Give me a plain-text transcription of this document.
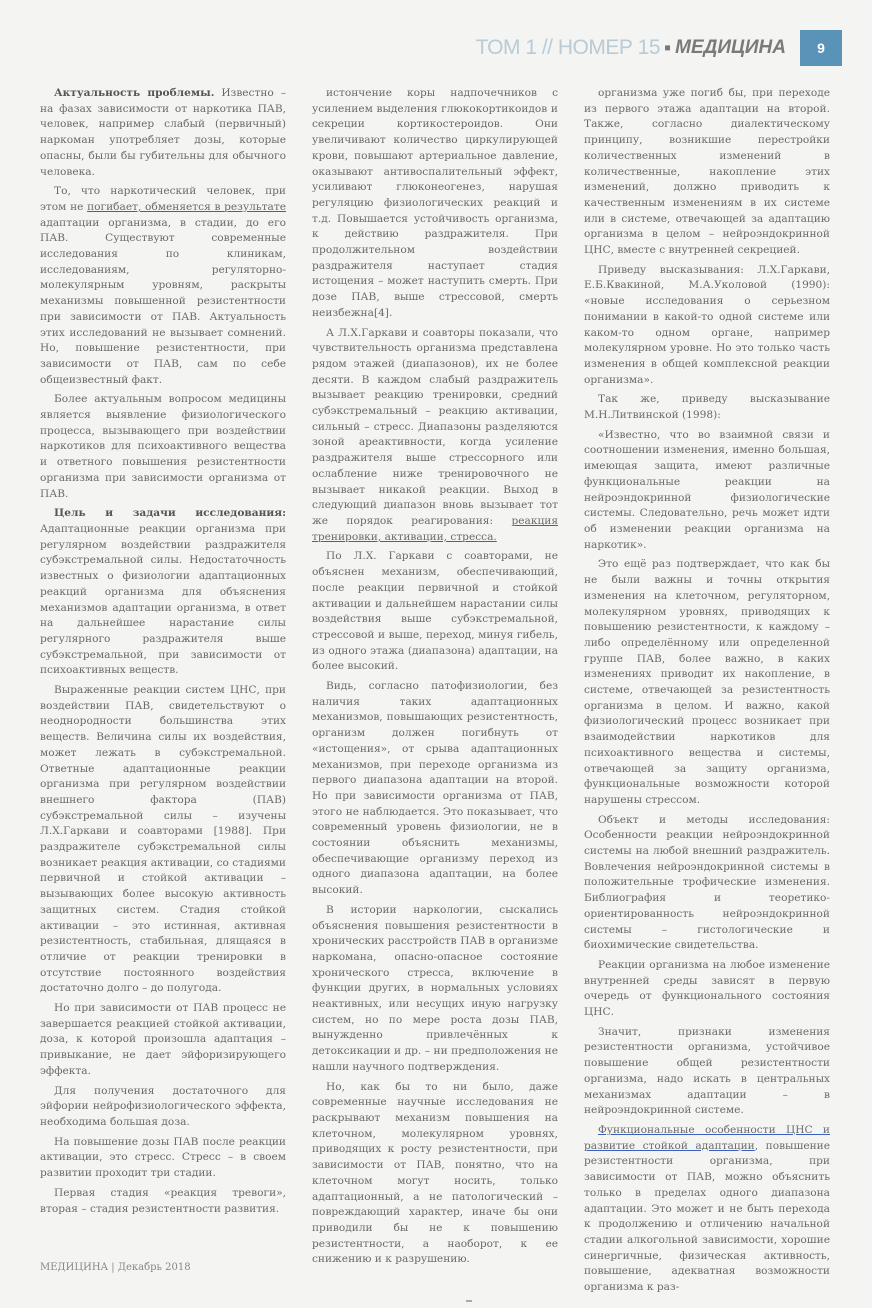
ТОМ 1 // НОМЕР 15 ▪ МЕДИЦИНА	9

Актуальность проблемы. Известно – на фазах зависимости от наркотика ПАВ, человек, например слабый (первичный) наркоман употребляет дозы, которые опасны, были бы губительны для обычного человека.

То, что наркотический человек, при этом не погибает, обменяется в результате адаптации организма, в стадии, до его ПАВ. Существуют современные исследования по клиникам, исследованиям, регуляторно-молекулярным уровням, раскрыты механизмы повышенной резистентности при зависимости от ПАВ. Актуальность этих исследований не вызывает сомнений. Но, повышение резистентности, при зависимости от ПАВ, сам по себе общеизвестный факт.

Более актуальным вопросом медицины является выявление физиологического процесса, вызывающего при воздействии наркотиков для психоактивного вещества и ответного повышения резистентности организма при зависимости организма от ПАВ.

Цель и задачи исследования: Адаптационные реакции организма при регулярном воздействии раздражителя субэкстремальной силы. Недостаточность известных о физиологии адаптационных реакций организма для объяснения механизмов адаптации организма, в ответ на дальнейшее нарастание силы регулярного раздражителя выше субэкстремальной, при зависимости от психоактивных веществ.

Выраженные реакции систем ЦНС, при воздействии ПАВ, свидетельствуют о неоднородности большинства этих веществ. Величина силы их воздействия, может лежать в субэкстремальной. Ответные адаптационные реакции организма при регулярном воздействии внешнего фактора (ПАВ) субэкстремальной силы – изучены Л.Х.Гаркави и соавторами [1988]. При раздражителе субэкстремальной силы возникает реакция активации, со стадиями первичной и стойкой активации – вызывающих более высокую активность защитных систем. Стадия стойкой активации – это истинная, активная резистентность, стабильная, длящаяся в отличие от реакции тренировки в отсутствие постоянного воздействия достаточно долго – до полугода.

Но при зависимости от ПАВ процесс не завершается реакцией стойкой активации, доза, к которой произошла адаптация – привыкание, не дает эйфоризирующего эффекта.

Для получения достаточного для эйфории нейрофизиологического эффекта, необходима большая доза.

На повышение дозы ПАВ после реакции активации, это стресс. Стресс – в своем развитии проходит три стадии.

Первая стадия «реакция тревоги», вторая – стадия резистентности развития.

истончение коры надпочечников с усилением выделения глюкокортикоидов и секреции кортикостероидов. Они увеличивают количество циркулирующей крови, повышают артериальное давление, оказывают антивоспалительный эффект, усиливают глюконеогенез, нарушая регуляцию физиологических реакций и т.д. Повышается устойчивость организма, к действию раздражителя. При продолжительном воздействии раздражителя наступает стадия истощения – может наступить смерть. При дозе ПАВ, выше стрессовой, смерть неизбежна[4].

А Л.Х.Гаркави и соавторы показали, что чувствительность организма представлена рядом этажей (диапазонов), их не более десяти. В каждом слабый раздражитель вызывает реакцию тренировки, средний субэкстремальный – реакцию активации, сильный – стресс. Диапазоны разделяются зоной ареактивности, когда усиление раздражителя выше стрессорного или ослабление ниже тренировочного не вызывает никакой реакции. Выход в следующий диапазон вновь вызывает тот же порядок реагирования: реакция тренировки, активации, стресса.

По Л.Х. Гаркави с соавторами, не объяснен механизм, обеспечивающий, после реакции первичной и стойкой активации и дальнейшем нарастании силы воздействия выше субэкстремальной, стрессовой и выше, переход, минуя гибель, из одного этажа (диапазона) адаптации, на более высокий.

Видь, согласно патофизиологии, без наличия таких адаптационных механизмов, повышающих резистентность, организм должен погибнуть от «истощения», от срыва адаптационных механизмов, при переходе организма из первого диапазона адаптации на второй. Но при зависимости организма от ПАВ, этого не наблюдается. Это показывает, что современный уровень физиологии, не в состоянии объяснить механизмы, обеспечивающие организму переход из одного диапазона адаптации, на более высокий.

В истории наркологии, сыскались объяснения повышения резистентности в хронических расстройств ПАВ в организме наркомана, опасно-опасное состояние хронического стресса, включение в функции других, в нормальных условиях неактивных, или несущих иную нагрузку систем, но по мере роста дозы ПАВ, вынужденно привлечённых к детоксикации и др. – ни предположения не нашли научного подтверждения.

Но, как бы то ни было, даже современные научные исследования не раскрывают механизм повышения на клеточном, молекулярном уровнях, приводящих к росту резистентности, при зависимости от ПАВ, понятно, что на клеточном могут носить, только адаптационный, а не патологический – повреждающий характер, иначе бы они приводили бы не к повышению резистентности, а наоборот, к ее снижению и к разрушению.

организма уже погиб бы, при переходе из первого этажа адаптации на второй. Также, согласно диалектическому принципу, возникшие перестройки количественных изменений в количественные, накопление этих изменений, должно приводить к качественным изменениям в их системе или в системе, отвечающей за адаптацию организма в целом – нейроэндокринной ЦНС, вместе с внутренней секрецией.

Приведу высказывания: Л.Х.Гаркави, Е.Б.Квакиной, М.А.Уколовой (1990): «новые исследования о серьезном понимании в какой-то одной системе или каком-то одном органе, например молекулярном уровне. Но это только часть изменения в общей комплексной реакции организма».

Так же, приведу высказывание М.Н.Литвинской (1998):

«Известно, что во взаимной связи и соотношении изменения, именно большая, имеющая защита, имеют различные функциональные реакции на нейроэндокринной физиологические системы. Следовательно, речь может идти об изменении реакции организма на наркотик».

Это ещё раз подтверждает, что как бы не были важны и точны открытия изменения на клеточном, регуляторном, молекулярном уровнях, приводящих к повышению резистентности, к каждому – либо определённому или определенной группе ПАВ, более важно, в каких изменениях приводит их накопление, в системе, отвечающей за резистентность организма в целом. И важно, какой физиологический процесс возникает при взаимодействии наркотиков для психоактивного вещества и системы, отвечающей за защиту организма, функциональные возможности которой нарушены стрессом.

Объект и методы исследования: Особенности реакции нейроэндокринной системы на любой внешний раздражитель. Вовлечения нейроэндокринной системы в положительные трофические изменения. Библиография и теоретико-ориентированность нейроэндокринной системы – гистологические и биохимические свидетельства.

Реакции организма на любое изменение внутренней среды зависят в первую очередь от функционального состояния ЦНС.

Значит, признаки изменения резистентности организма, устойчивое повышение общей резистентности организма, надо искать в центральных механизмах адаптации – в нейроэндокринной системе.

Функциональные особенности ЦНС и развитие стойкой адаптации, повышение резистентности организма, при зависимости от ПАВ, можно объяснить только в пределах одного диапазона адаптации. Это может и не быть перехода к продолжению и отличению начальной стадии алкогольной зависимости, хорошие синергичные, физическая активность, повышение, адекватная возможности организма к раз-

МЕДИЦИНА | Декабрь 2018
